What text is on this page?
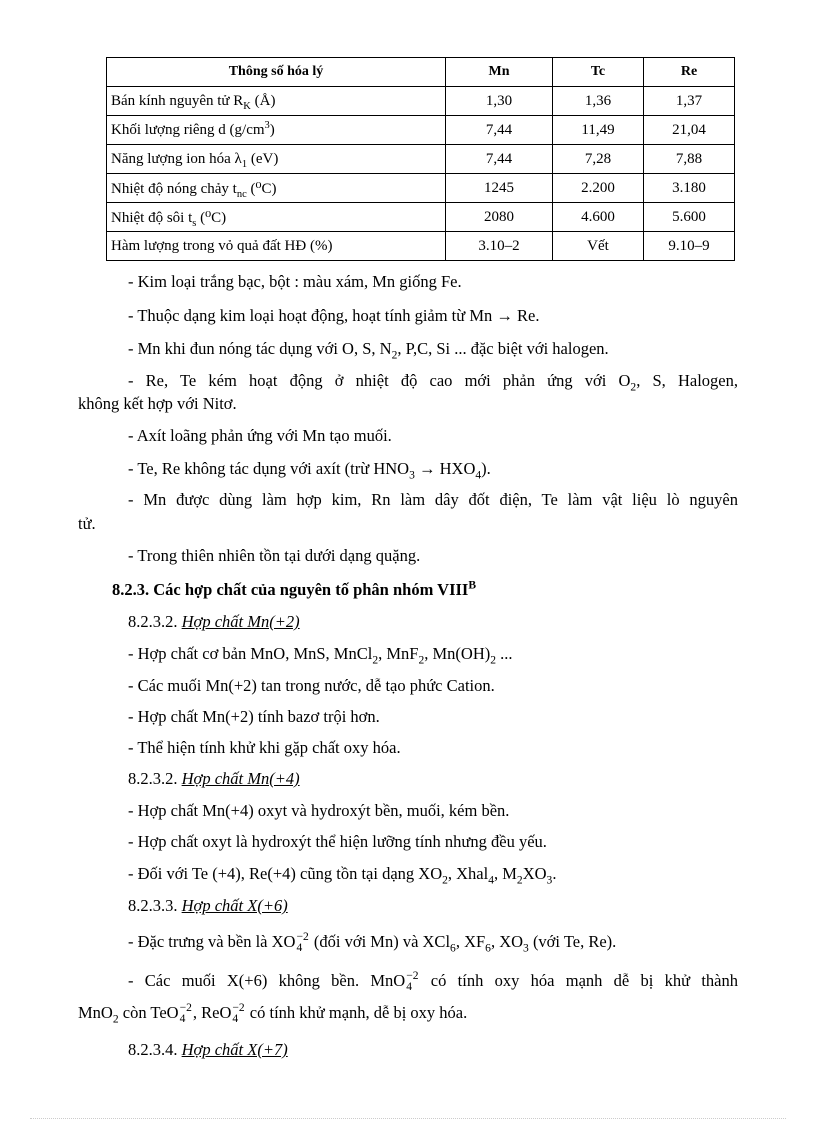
Thông số hóa lý	Mn	Tc	Re
Bán kính nguyên tử $R_K$ (Å)	1,30	1,36	1,37
Khối lượng riêng d $(g/cm^3)$	7,44	11,49	21,04
Năng lượng ion hóa $\lambda_1$ (eV)	7,44	7,28	7,88
Nhiệt độ nóng chảy $t_{nc}$ (⁰C)	1245	2.200	3.180
Nhiệt độ sôi $t_s$ (⁰C)	2080	4.600	5.600
Hàm lượng trong vỏ quả đất HĐ (%)	3.10–2	Vết	9.10–9
- Kim loại trắng bạc, bột : màu xám, Mn giống Fe.
- Thuộc dạng kim loại hoạt động, hoạt tính giảm từ Mn → Re.
- Mn khi đun nóng tác dụng với O, S, $N_2$, P,C, Si ... đặc biệt với halogen.
- Re, Te kém hoạt động ở nhiệt độ cao mới phản ứng với $O_2$, S, Halogen,
không kết hợp với Nitơ.
- Axít loãng phản ứng với Mn tạo muối.
- Te, Re không tác dụng với axít (trừ $HNO_3 \to HXO_4$).
- Mn được dùng làm hợp kim, Rn làm dây đốt điện, Te làm vật liệu lò nguyên
tử.
- Trong thiên nhiên tồn tại dưới dạng quặng.
8.2.3. Các hợp chất của nguyên tố phân nhóm $VIII^B$
8.2.3.2. Hợp chất Mn(+2)
- Hợp chất cơ bản MnO, MnS, MnCl$_2$, MnF$_2$, $Mn(OH)_2$ ...
- Các muối Mn(+2) tan trong nước, dễ tạo phức Cation.
- Hợp chất Mn(+2) tính bazơ trội hơn.
- Thể hiện tính khử khi gặp chất oxy hóa.
8.2.3.2. Hợp chất Mn(+4)
- Hợp chất Mn(+4) oxyt và hydroxýt bền, muối, kém bền.
- Hợp chất oxyt là hydroxýt thể hiện lưỡng tính nhưng đều yếu.
- Đối với Te (+4), Re(+4) cũng tồn tại dạng $XO_2$, Xhal$_4$, $M_2XO_3$.
8.2.3.3. Hợp chất X(+6)
- Đặc trưng và bền là XO −2
4 (đối với Mn) và XCl$_6$, $XF_6$, $XO_3$ (với Te, Re).
- Các muối X(+6) không bền. MnO −2
4 có tính oxy hóa mạnh dễ bị khử thành
MnO$_2$ còn TeO −2
4 , ReO −2
4 có tính khử mạnh, dễ bị oxy hóa.
8.2.3.4. Hợp chất X(+7)
